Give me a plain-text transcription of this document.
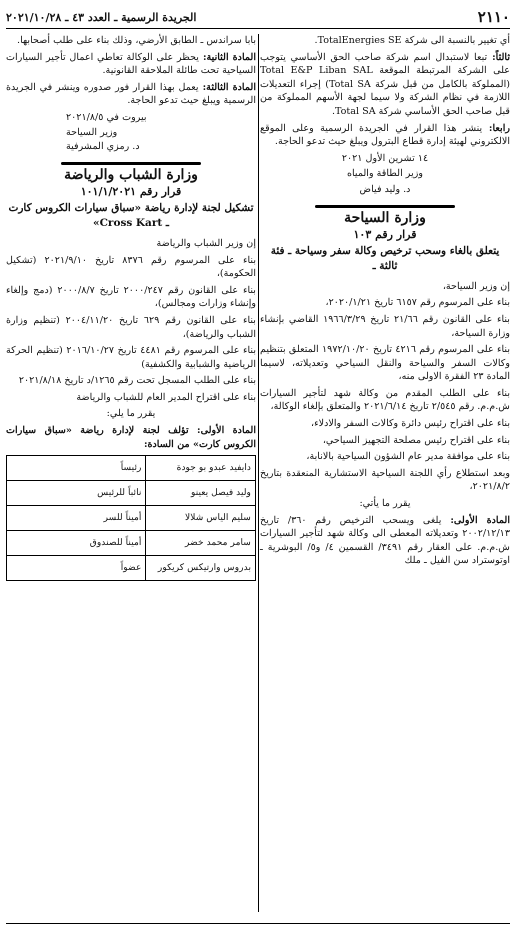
٢١١٠
الجريدة الرسمية ـ العدد ٤٣ ـ ٢٠٢١/١٠/٢٨

أي تغيير بالنسبة الى شركة TotalEnergies SE.

ثالثاً: تبعا لاستبدال اسم شركة صاحب الحق الأساسي يتوجب على الشركة المرتبطة الموقعة Total E&P Liban SAL (المملوكة بالكامل من قبل شركة Total SA) إجراء التعديلات اللازمة في نظام الشركة ولا سيما لجهة الأسهم المملوكة من قبل صاحب الحق الأساسي شركة Total SA.

رابعا: ينشر هذا القرار في الجريدة الرسمية وعلى الموقع الالكتروني لهيئة إدارة قطاع البترول ويبلغ حيث تدعو الحاجة.

١٤ تشرين الأول ٢٠٢١

وزير الطاقة والمياه

د. وليد فياض

وزارة السياحة
قرار رقم ١٠٣
يتعلق بالغاء وسحب ترخيص وكالة سفر وسياحة ـ فئة ثالثة ـ

إن وزير السياحة،

بناء على المرسوم رقم ٦١٥٧ تاريخ ٢٠٢٠/١/٢١،

بناء على القانون رقم ٢١/٦٦ تاريخ ١٩٦٦/٣/٢٩ القاضي بإنشاء وزارة السياحة،

بناء على المرسوم رقم ٤٢١٦ تاريخ ١٩٧٢/١٠/٢٠ المتعلق بتنظيم وكالات السفر والسياحة والنقل السياحي وتعديلاته، لاسيما المادة ٢٣ الفقرة الاولى منه،

بناء على الطلب المقدم من وكالة شهد لتأجير السيارات ش.م.م. رقم ٢/٥٤٥ تاريخ ٢٠٢١/٦/١٤ والمتعلق بإلغاء الوكالة،

بناء على اقتراح رئيس دائرة وكالات السفر والادلاء،

بناء على اقتراح رئيس مصلحة التجهيز السياحي،

بناء على موافقة مدير عام الشؤون السياحية بالانابة،

وبعد استطلاع رأي اللجنة السياحية الاستشارية المنعقدة بتاريخ ٢٠٢١/٨/٢،

يقرر ما يأتي:

المادة الأولى: يلغى ويسحب الترخيص رقم ٣٦٠/ تاريخ ٢٠٠٢/١٢/١٣ وتعديلاته المعطى الى وكالة شهد لتأجير السيارات ش.م.م. على العقار رقم ٣٤٩١/ القسمين ٤/ و٥/ البوشرية ـ اوتوستراد سن الفيل ـ ملك

بابا سراندس ـ الطابق الأرضي، وذلك بناء على طلب أصحابها.

المادة الثانية: يحظر على الوكالة تعاطي اعمال تأجير السيارات السياحية تحت طائلة الملاحقة القانونية.

المادة الثالثة: يعمل بهذا القرار فور صدوره وينشر في الجريدة الرسمية ويبلغ حيث تدعو الحاجة.

بيروت في ٢٠٢١/٨/٥

وزير السياحة

د. رمزي المشرفية

وزارة الشباب والرياضة
قرار رقم ١٠١/١/٢٠٢١
تشكيل لجنة لإدارة رياضة «سباق سيارات الكروس كارت ـ Cross Kart»

إن وزير الشباب والرياضة

بناء على المرسوم رقم ٨٣٧٦ تاريخ ٢٠٢١/٩/١٠ (تشكيل الحكومة)،

بناء على القانون رقم ٢٠٠٠/٢٤٧ تاريخ ٢٠٠٠/٨/٧ (دمج وإلغاء وإنشاء وزارات ومجالس)،

بناء على القانون رقم ٦٢٩ تاريخ ٢٠٠٤/١١/٢٠ (تنظيم وزارة الشباب والرياضة)،

بناء على المرسوم رقم ٤٤٨١ تاريخ ٢٠١٦/١٠/٢٧ (تنظيم الحركة الرياضية والشبابية والكشفية)

بناء على الطلب المسجل تحت رقم ١٢٦٥/د تاريخ ٢٠٢١/٨/١٨

بناء على اقتراح المدير العام للشباب والرياضة

يقرر ما يلي:

المادة الأولى: تؤلف لجنة لإدارة رياضة «سباق سيارات الكروس كارت» من السادة:

دايفيد عبدو بو جودة	رئيساً
وليد فيصل يعينو	نائباً للرئيس
سليم الياس شلالا	أميناً للسر
سامر محمد خضر	أميناً للصندوق
بدروس وارتيكس كريكور	عضواً
